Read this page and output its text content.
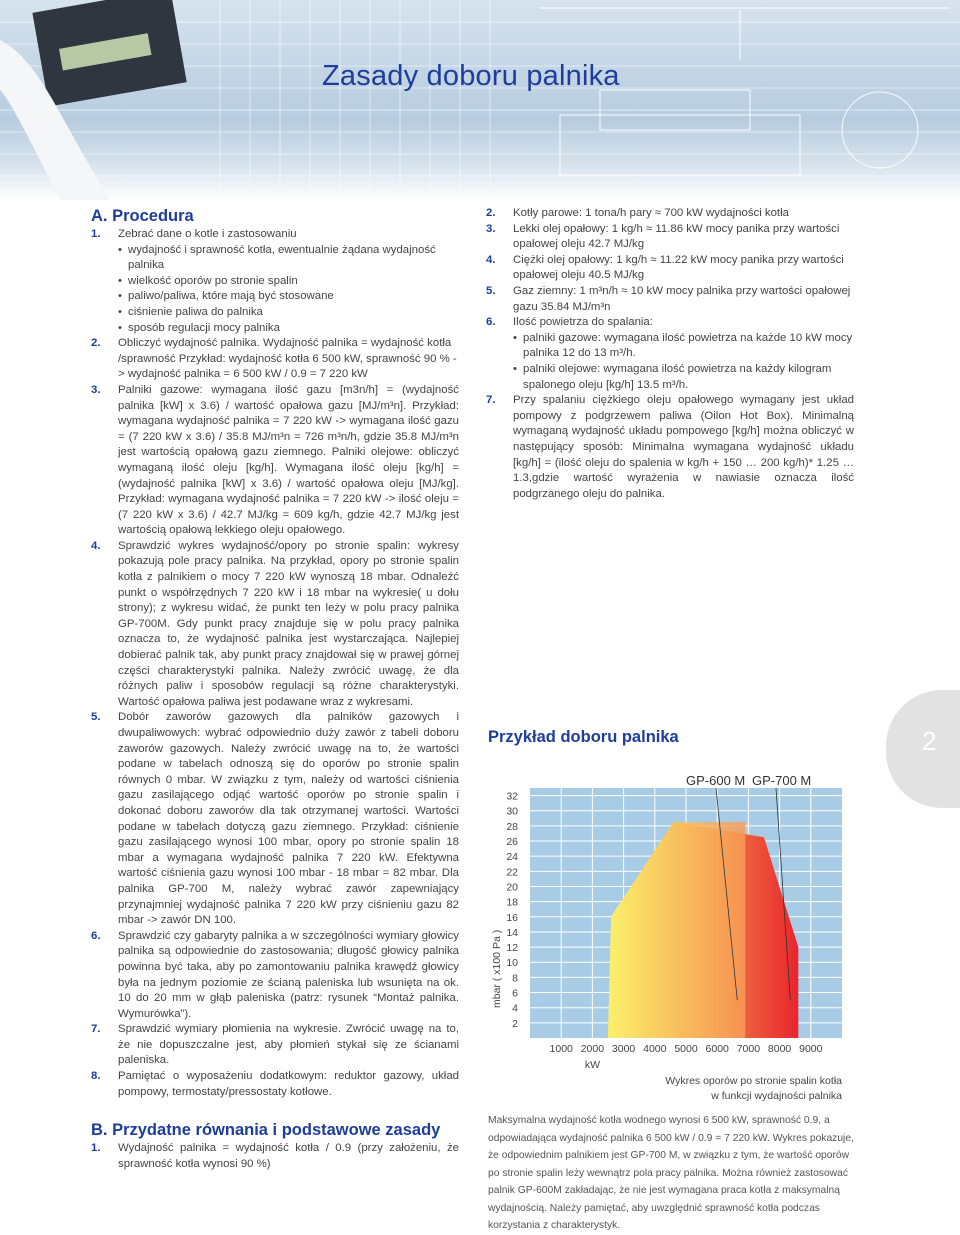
Zasady doboru palnika
A. Procedura
1. Zebrać dane o kotle i zastosowaniu
• wydajność i sprawność kotła, ewentualnie żądana wydajność palnika
• wielkość oporów po stronie spalin
• paliwo/paliwa, które mają być stosowane
• ciśnienie paliwa do palnika
• sposób regulacji mocy palnika
2. Obliczyć wydajność palnika. Wydajność palnika = wydajność kotła /sprawność Przykład: wydajność kotła 6 500 kW, sprawność 90 % -> wydajność palnika = 6 500 kW / 0.9 = 7 220 kW
3. Palniki gazowe: wymagana ilość gazu [m3n/h] = (wydajność palnika [kW] x 3.6) / wartość opałowa gazu [MJ/m³n]. Przykład: wymagana wydajność palnika = 7 220 kW -> wymagana ilość gazu = (7 220 kW x 3.6) / 35.8 MJ/m³n = 726 m³n/h, gdzie 35.8 MJ/m³n jest wartością opałową gazu ziemnego. Palniki olejowe: obliczyć wymaganą ilość oleju [kg/h]. Wymagana ilość oleju [kg/h] = (wydajność palnika [kW] x 3.6) / wartość opałowa oleju [MJ/kg]. Przykład: wymagana wydajność palnika = 7 220 kW -> ilość oleju = (7 220 kW x 3.6) / 42.7 MJ/kg = 609 kg/h, gdzie 42.7 MJ/kg jest wartością opałową lekkiego oleju opałowego.
4. Sprawdzić wykres wydajność/opory po stronie spalin: wykresy pokazują pole pracy palnika. Na przykład, opory po stronie spalin kotła z palnikiem o mocy 7 220 kW wynoszą 18 mbar. Odnaleźć punkt o współrzędnych 7 220 kW i 18 mbar na wykresie( u dołu strony); z wykresu widać, że punkt ten leży w polu pracy palnika GP-700M. Gdy punkt pracy znajduje się w polu pracy palnika oznacza to, że wydajność palnika jest wystarczająca. Najlepiej dobierać palnik tak, aby punkt pracy znajdował się w prawej górnej części charakterystyki palnika. Należy zwrócić uwagę, że dla różnych paliw i sposobów regulacji są różne charakterystyki. Wartość opałowa paliwa jest podawane wraz z wykresami.
5. Dobór zaworów gazowych dla palników gazowych i dwupaliwowych: wybrać odpowiednio duży zawór z tabeli doboru zaworów gazowych. Należy zwrócić uwagę na to, że wartości podane w tabelach odnoszą się do oporów po stronie spalin równych 0 mbar. W związku z tym, należy od wartości ciśnienia gazu zasilającego odjąć wartość oporów po stronie spalin i dokonać doboru zaworów dla tak otrzymanej wartości. Wartości podane w tabelach dotyczą gazu ziemnego. Przykład: ciśnienie gazu zasilającego wynosi 100 mbar, opory po stronie spalin 18 mbar a wymagana wydajność palnika 7 220 kW. Efektywna wartość ciśnienia gazu wynosi 100 mbar - 18 mbar = 82 mbar. Dla palnika GP-700 M, należy wybrać zawór zapewniający przynajmniej wydajność palnika 7 220 kW przy ciśnieniu gazu 82 mbar -> zawór DN 100.
6. Sprawdzić czy gabaryty palnika a w szczególności wymiary głowicy palnika są odpowiednie do zastosowania; długość głowicy palnika powinna być taka, aby po zamontowaniu palnika krawędź głowicy była na jednym poziomie ze ścianą paleniska lub wsunięta na ok. 10 do 20 mm w głąb paleniska (patrz: rysunek “Montaż palnika. Wymurówka”).
7. Sprawdzić wymiary płomienia na wykresie. Zwrócić uwagę na to, że nie dopuszczalne jest, aby płomień stykał się ze ścianami paleniska.
8. Pamiętać o wyposażeniu dodatkowym: reduktor gazowy, układ pompowy, termostaty/pressostaty kotłowe.
B. Przydatne równania i podstawowe zasady
1. Wydajność palnika = wydajność kotła / 0.9 (przy założeniu, że sprawność kotła wynosi 90 %)
2. Kotły parowe: 1 tona/h pary ≈ 700 kW wydajności kotła
3. Lekki olej opałowy: 1 kg/h ≈ 11.86 kW mocy panika przy wartości opałowej oleju 42.7 MJ/kg
4. Ciężki olej opałowy: 1 kg/h ≈ 11.22 kW mocy panika przy wartości opałowej oleju 40.5 MJ/kg
5. Gaz ziemny: 1 m³n/h ≈ 10 kW mocy palnika przy wartości opałowej gazu 35.84 MJ/m³n
6. Ilość powietrza do spalania:
• palniki gazowe: wymagana ilość powietrza na każde 10 kW mocy palnika 12 do 13 m³/h.
• palniki olejowe: wymagana ilość powietrza na każdy kilogram spalonego oleju [kg/h] 13.5 m³/h.
7. Przy spalaniu ciężkiego oleju opałowego wymagany jest układ pompowy z podgrzewem paliwa (Oilon Hot Box). Minimalną wymaganą wydajność układu pompowego [kg/h] można obliczyć w następujący sposób: Minimalna wymagana wydajność układu [kg/h] = (ilość oleju do spalenia w kg/h + 150 … 200 kg/h)* 1.25 … 1.3,gdzie wartość wyrażenia w nawiasie oznacza ilość podgrzanego oleju do palnika.
Przykład doboru palnika
GP-600 M GP-700 M
2
4
6
8
10
12
14
16
18
20
22
24
26
28
30
32
1000 2000 3000 4000 5000 6000 7000 8000 9000
kW
mbar ( x100 Pa )
Wykres oporów po stronie spalin kotła
w funkcji wydajności palnika
Maksymalna wydajność kotła wodnego wynosi 6 500 kW, sprawność 0.9, a odpowiadająca wydajność palnika 6 500 kW / 0.9 = 7 220 kW. Wykres pokazuje, że odpowiednim palnikiem jest GP-700 M, w związku z tym, że wartość oporów po stronie spalin leży wewnątrz pola pracy palnika. Można również zastosować palnik GP-600M zakładając, że nie jest wymagana praca kotła z maksymalną wydajnością. Należy pamiętać, aby uwzględnić sprawność kotła podczas korzystania z charakterystyk.
2
